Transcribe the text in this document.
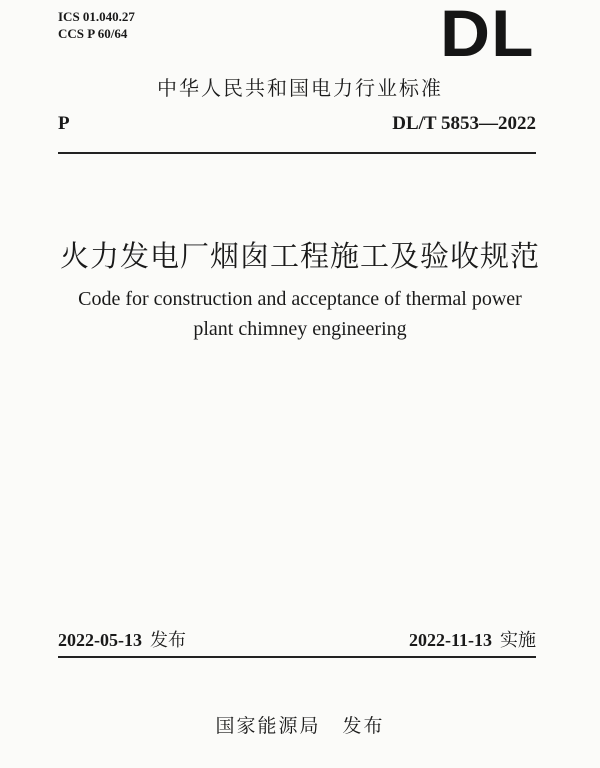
ICS 01.040.27
CCS P 60/64	DL
中华人民共和国电力行业标准
P	DL/T 5853—2022
火力发电厂烟囱工程施工及验收规范
Code for construction and acceptance of thermal power
plant chimney engineering
2022-05-13 发布	2022-11-13 实施
国家能源局 发布
